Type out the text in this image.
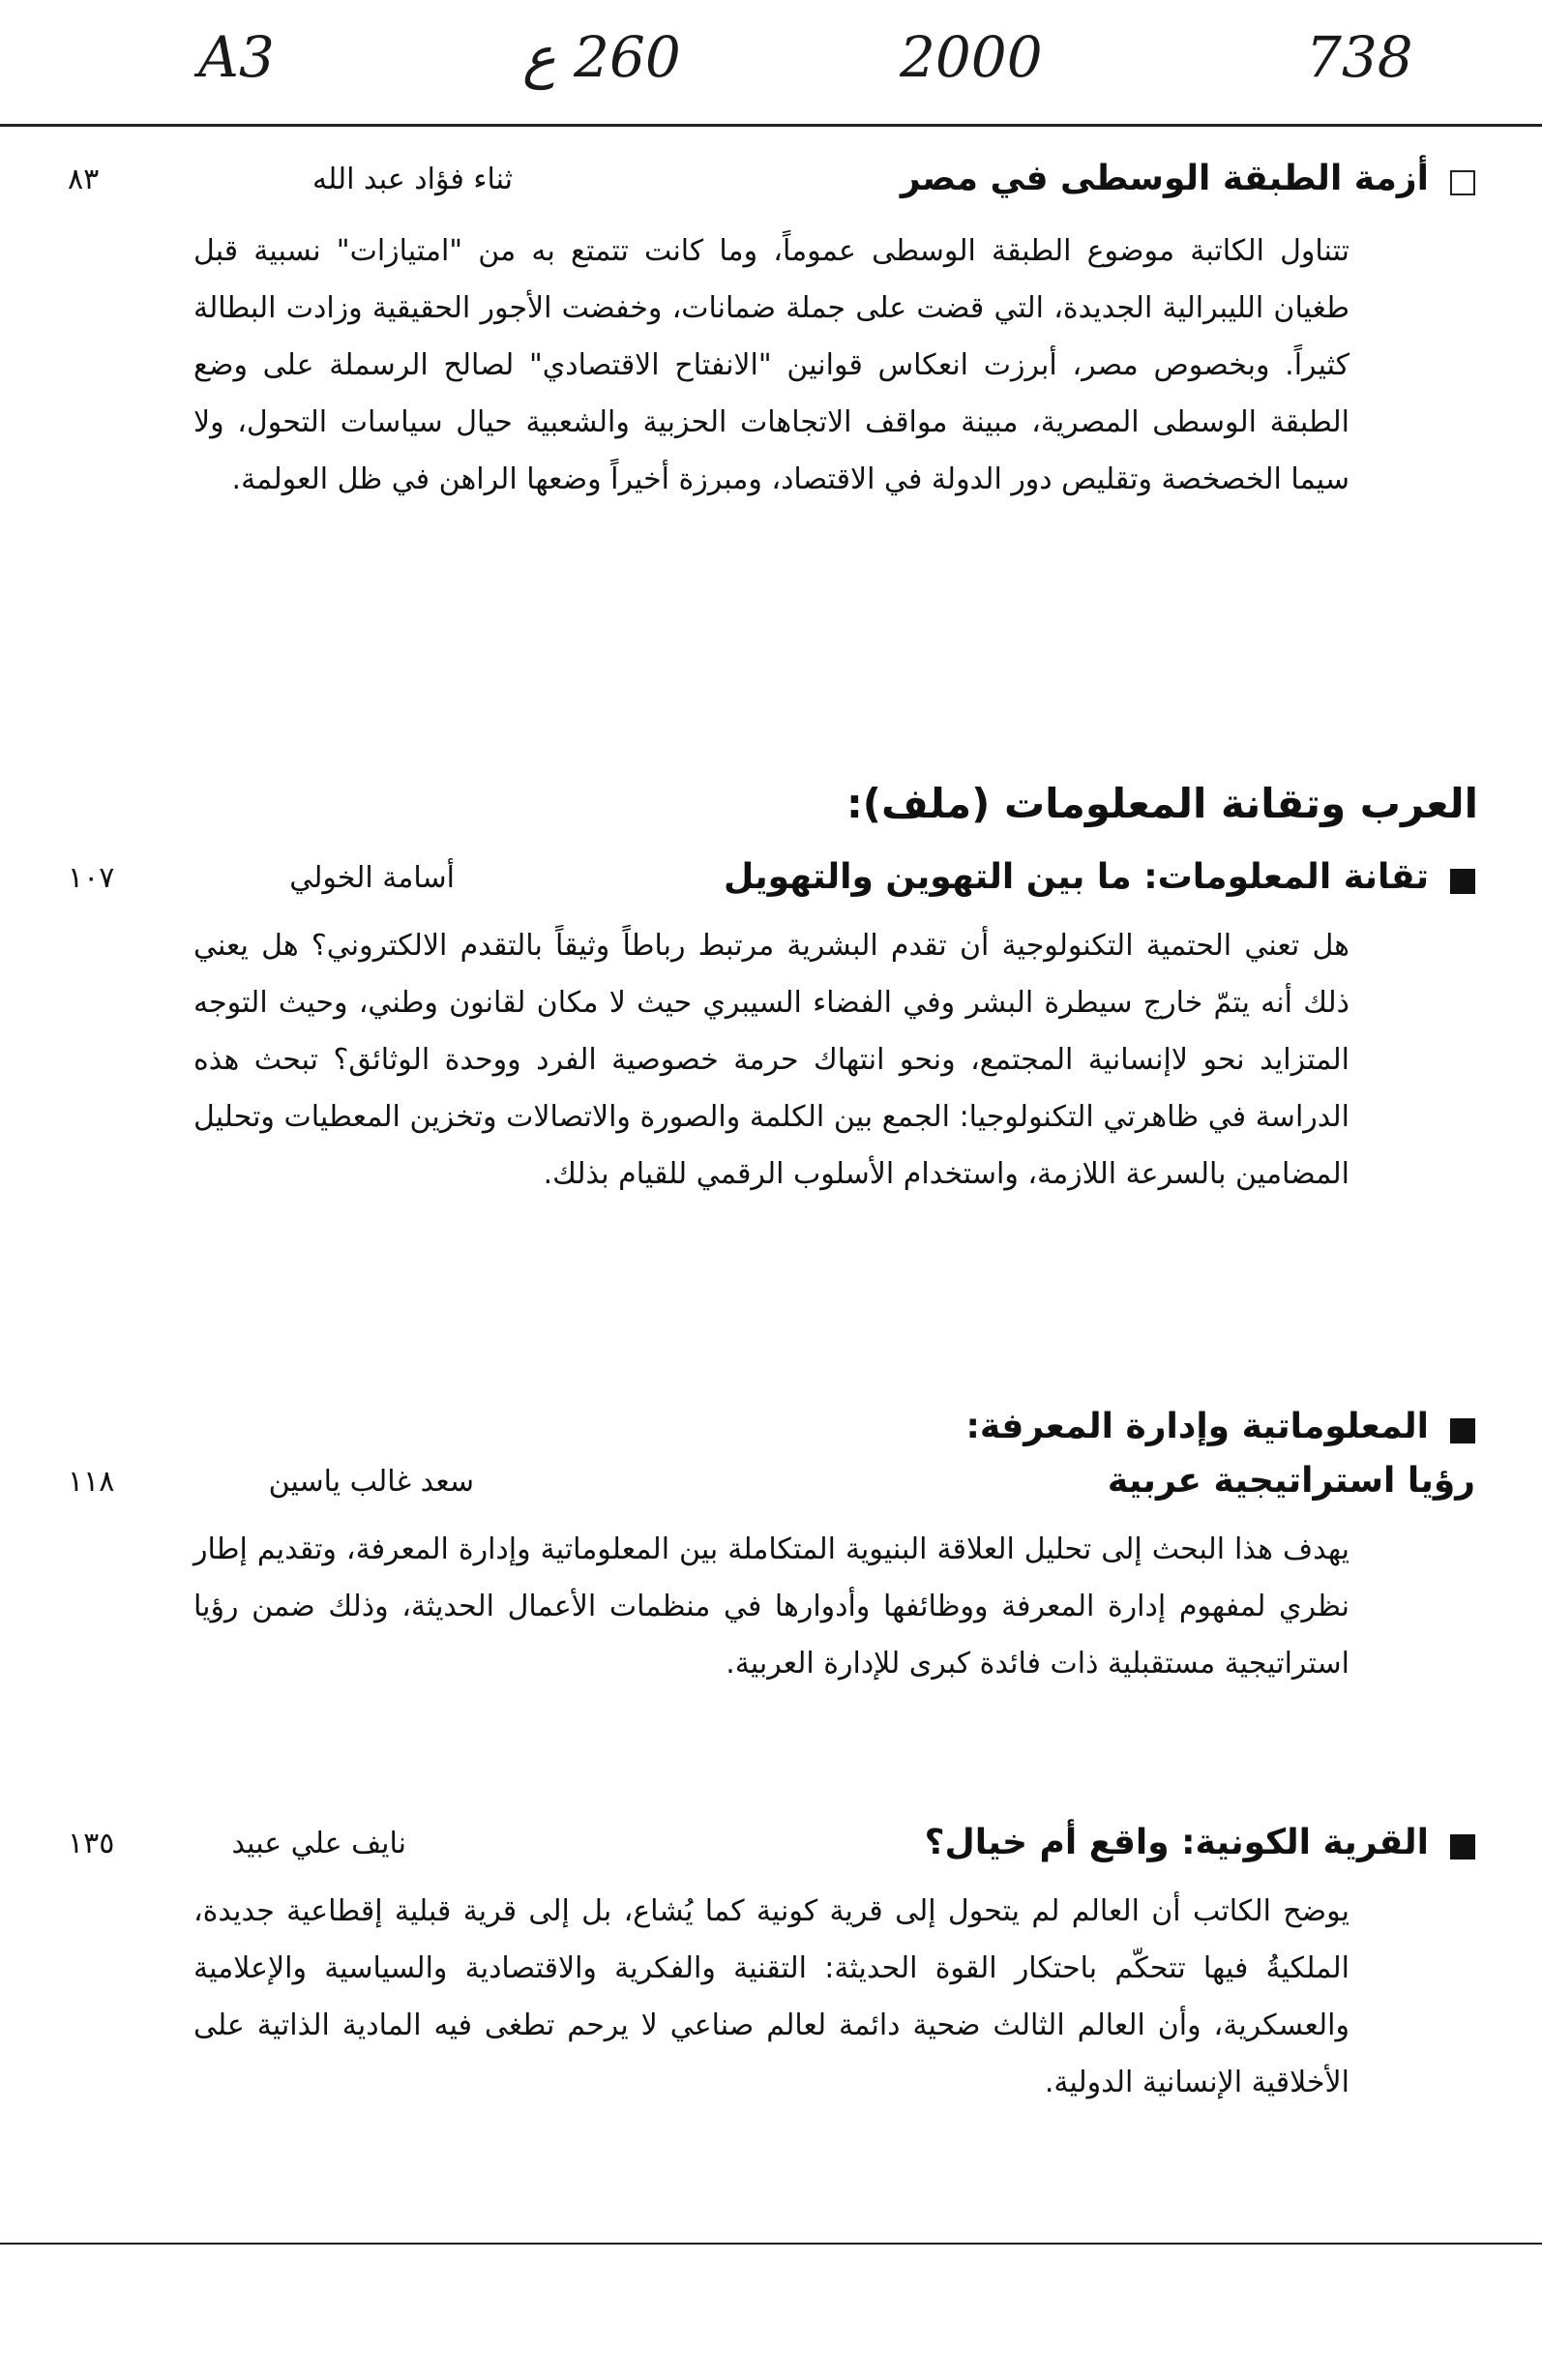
A3	260 ع	2000	738
أزمة الطبقة الوسطى في مصر
ثناء فؤاد عبد الله
٨٣
تتناول الكاتبة موضوع الطبقة الوسطى عموماً، وما كانت تتمتع به من "امتيازات" نسبية قبل طغيان الليبرالية الجديدة، التي قضت على جملة ضمانات، وخفضت الأجور الحقيقية وزادت البطالة كثيراً. وبخصوص مصر، أبرزت انعكاس قوانين "الانفتاح الاقتصادي" لصالح الرسملة على وضع الطبقة الوسطى المصرية، مبينة مواقف الاتجاهات الحزبية والشعبية حيال سياسات التحول، ولا سيما الخصخصة وتقليص دور الدولة في الاقتصاد، ومبرزة أخيراً وضعها الراهن في ظل العولمة.
العرب وتقانة المعلومات (ملف):
تقانة المعلومات: ما بين التهوين والتهويل
أسامة الخولي
١٠٧
هل تعني الحتمية التكنولوجية أن تقدم البشرية مرتبط رباطاً وثيقاً بالتقدم الالكتروني؟ هل يعني ذلك أنه يتمّ خارج سيطرة البشر وفي الفضاء السيبري حيث لا مكان لقانون وطني، وحيث التوجه المتزايد نحو لاإنسانية المجتمع، ونحو انتهاك حرمة خصوصية الفرد ووحدة الوثائق؟ تبحث هذه الدراسة في ظاهرتي التكنولوجيا: الجمع بين الكلمة والصورة والاتصالات وتخزين المعطيات وتحليل المضامين بالسرعة اللازمة، واستخدام الأسلوب الرقمي للقيام بذلك.
المعلوماتية وإدارة المعرفة:
رؤيا استراتيجية عربية
سعد غالب ياسين
١١٨
يهدف هذا البحث إلى تحليل العلاقة البنيوية المتكاملة بين المعلوماتية وإدارة المعرفة، وتقديم إطار نظري لمفهوم إدارة المعرفة ووظائفها وأدوارها في منظمات الأعمال الحديثة، وذلك ضمن رؤيا استراتيجية مستقبلية ذات فائدة كبرى للإدارة العربية.
القرية الكونية: واقع أم خيال؟
نايف علي عبيد
١٣٥
يوضح الكاتب أن العالم لم يتحول إلى قرية كونية كما يُشاع، بل إلى قرية قبلية إقطاعية جديدة، الملكيةُ فيها تتحكّم باحتكار القوة الحديثة: التقنية والفكرية والاقتصادية والسياسية والإعلامية والعسكرية، وأن العالم الثالث ضحية دائمة لعالم صناعي لا يرحم تطغى فيه المادية الذاتية على الأخلاقية الإنسانية الدولية.
